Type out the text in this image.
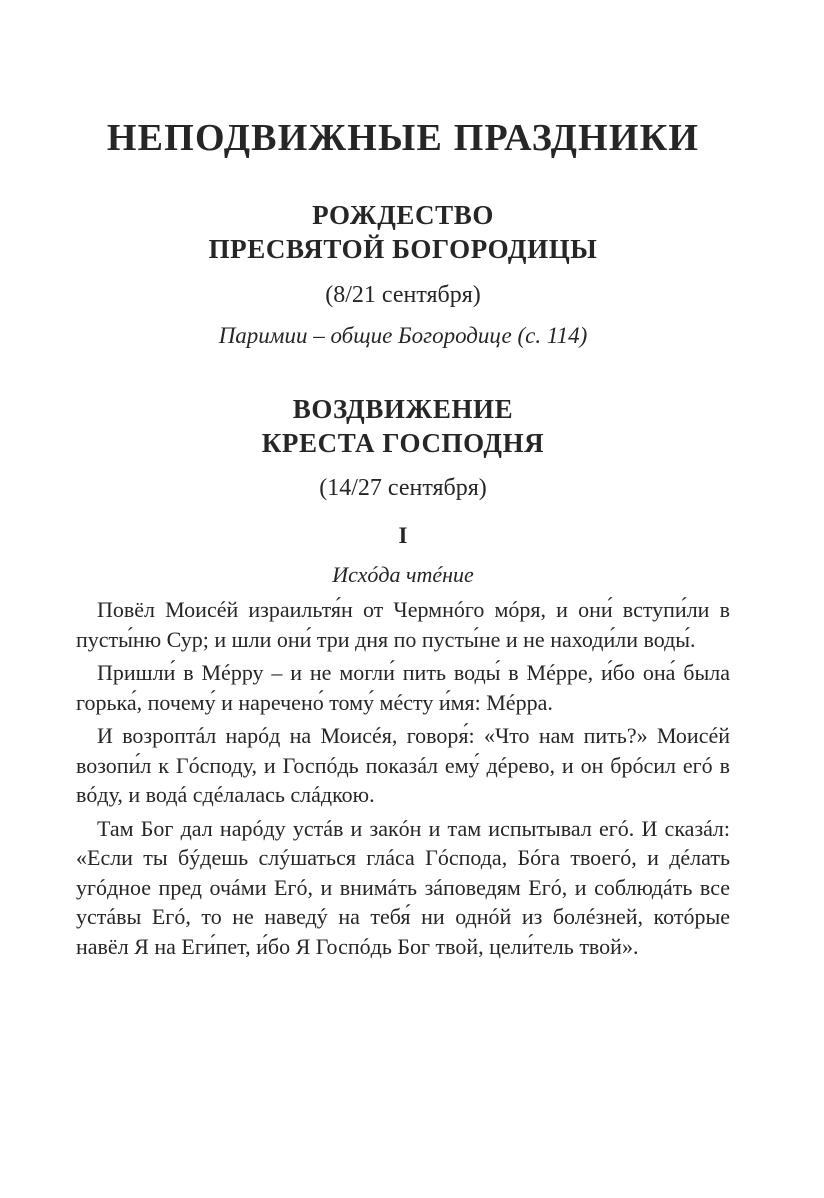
НЕПОДВИЖНЫЕ ПРАЗДНИКИ
РОЖДЕСТВО
ПРЕСВЯТОЙ БОГОРОДИЦЫ
(8/21 сентября)
Паримии – общие Богородице (с. 114)
ВОЗДВИЖЕНИЕ
КРЕСТА ГОСПОДНЯ
(14/27 сентября)
I
Исхóда чтéние

Повёл Моисéй израильтя́н от Чермнóго мóря, и они́ вступи́ли в пусты́ню Сур; и шли они́ три дня по пусты́не и не находи́ли воды́.

Пришли́ в Мéрру – и не могли́ пить воды́ в Мéрре, и́бо она́ была горька́, почему́ и наречено́ тому́ мéсту и́мя: Мéрра.

И возроптáл нарóд на Моисéя, говоря́: «Что нам пить?» Моисéй возопи́л к Гóсподу, и Госпóдь показáл ему́ дéрево, и он брóсил егó в вóду, и водá сдéлалась слáдкою.

Там Бог дал нарóду устáв и закóн и там испытывал егó. И сказáл: «Если ты бýдешь слýшаться глáса Гóспода, Бóга твоегó, и дéлать угóдное пред очáми Егó, и внимáть зáповедям Егó, и соблюдáть все устáвы Егó, то не наведý на тебя́ ни однóй из болéзней, котóрые навёл Я на Еги́пет, и́бо Я Госпóдь Бог твой, цели́тель твой».
